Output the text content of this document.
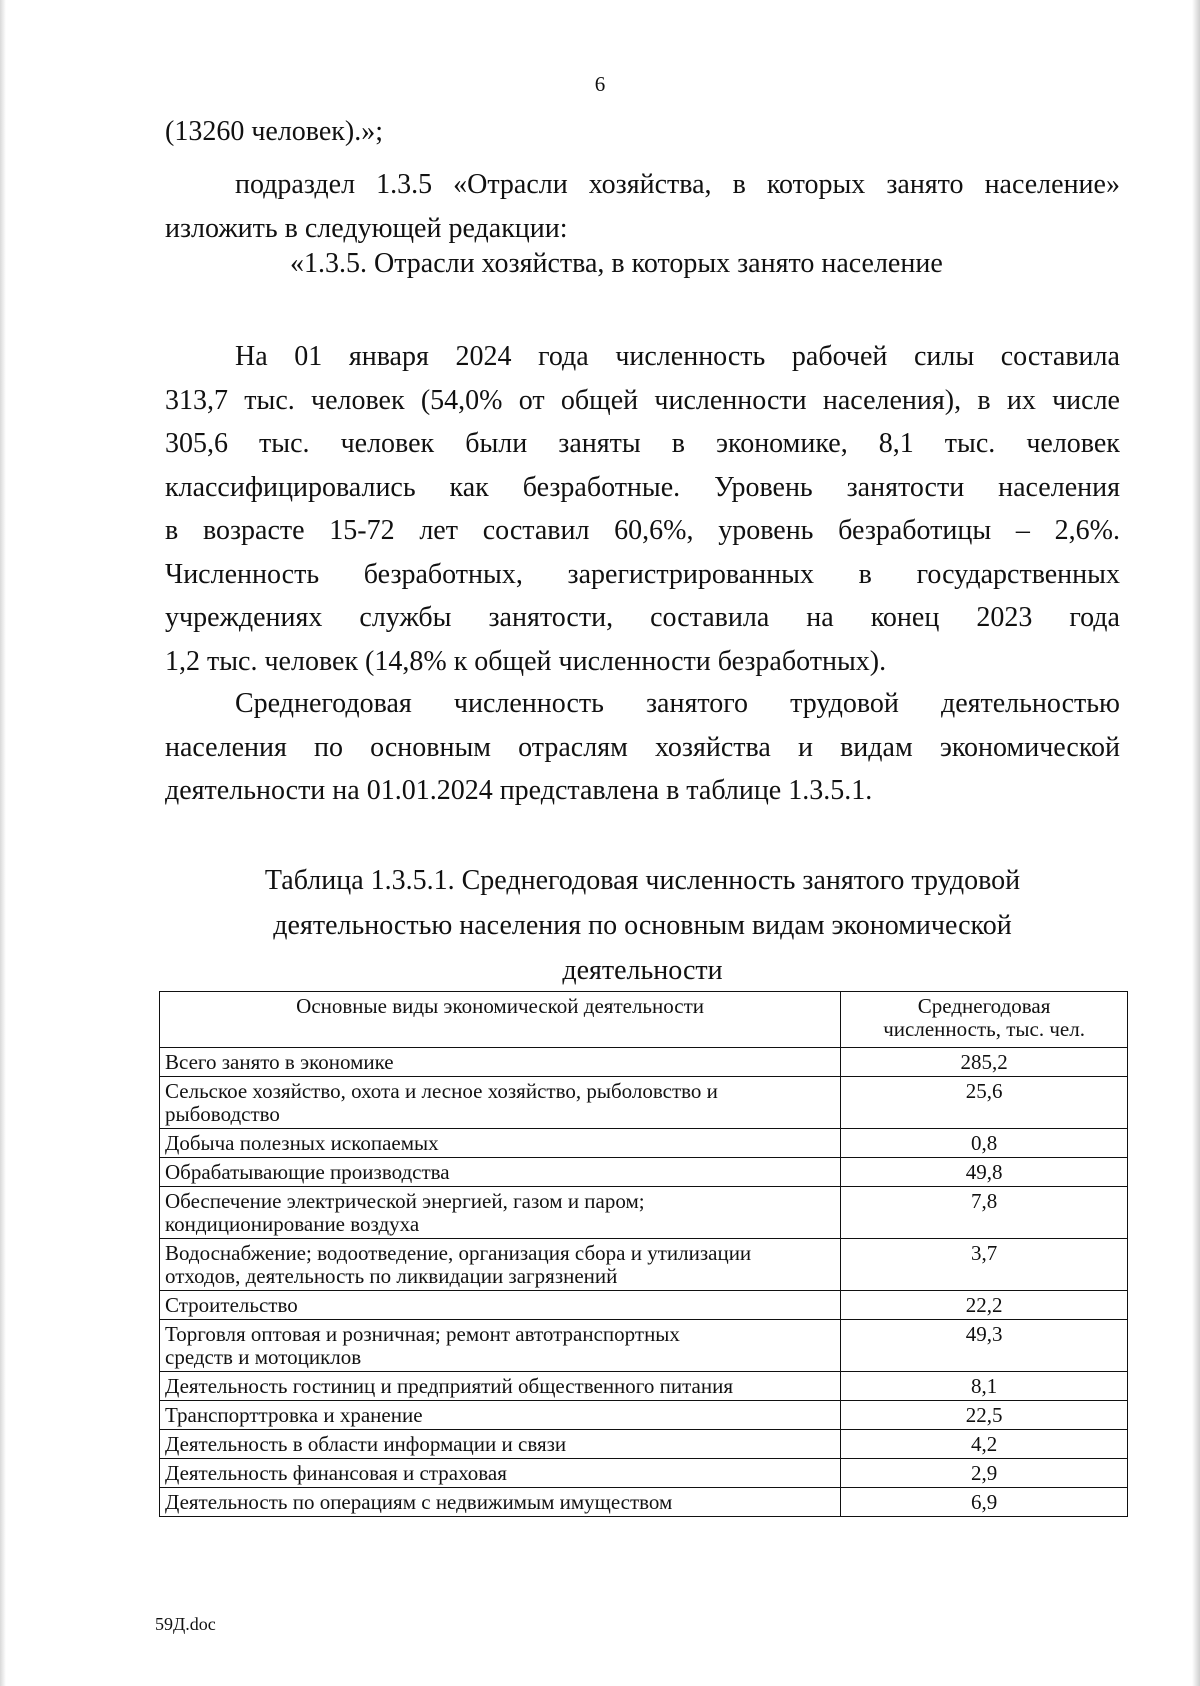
6
(13260 человек).»;
подраздел 1.3.5 «Отрасли хозяйства, в которых занято население»
изложить в следующей редакции:
«1.3.5. Отрасли хозяйства, в которых занято население
На 01 января 2024 года численность рабочей силы составила
313,7 тыс. человек (54,0% от общей численности населения), в их числе
305,6 тыс. человек были заняты в экономике, 8,1 тыс. человек
классифицировались как безработные. Уровень занятости населения
в возрасте 15-72 лет составил 60,6%, уровень безработицы – 2,6%.
Численность безработных, зарегистрированных в государственных
учреждениях службы занятости, составила на конец 2023 года
1,2 тыс. человек (14,8% к общей численности безработных).
Среднегодовая численность занятого трудовой деятельностью
населения по основным отраслям хозяйства и видам экономической
деятельности на 01.01.2024 представлена в таблице 1.3.5.1.
Таблица 1.3.5.1. Среднегодовая численность занятого трудовой
деятельностью населения по основным видам экономической
деятельности
Основные виды экономической деятельности	Среднегодовая
численность, тыс. чел.

Всего занято в экономике	285,2

Сельское хозяйство, охота и лесное хозяйство, рыболовство и
рыбоводство	25,6

Добыча полезных ископаемых	0,8

Обрабатывающие производства	49,8

Обеспечение электрической энергией, газом и паром;
кондиционирование воздуха	7,8

Водоснабжение; водоотведение, организация сбора и утилизации
отходов, деятельность по ликвидации загрязнений	3,7

Строительство	22,2

Торговля оптовая и розничная; ремонт автотранспортных
средств и мотоциклов	49,3

Деятельность гостиниц и предприятий общественного питания	8,1

Транспорттровка и хранение	22,5

Деятельность в области информации и связи	4,2

Деятельность финансовая и страховая	2,9

Деятельность по операциям с недвижимым имуществом	6,9
59Д.doc
